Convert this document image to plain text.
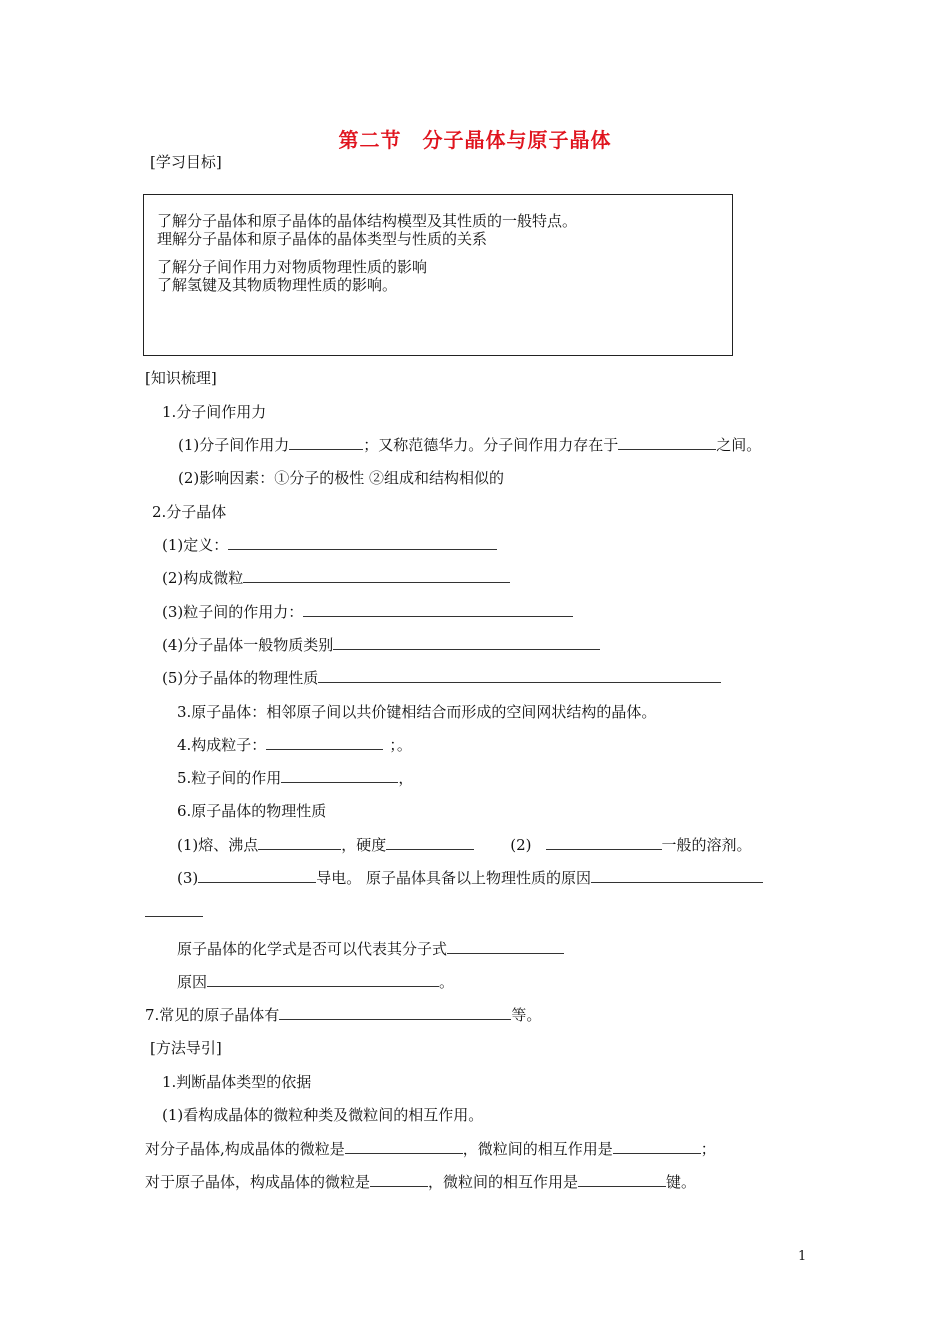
第二节　分子晶体与原子晶体
[学习目标]
了解分子晶体和原子晶体的晶体结构模型及其性质的一般特点。
理解分子晶体和原子晶体的晶体类型与性质的关系
了解分子间作用力对物质物理性质的影响
了解氢键及其物质物理性质的影响。
[知识梳理]
1.分子间作用力
(1)分子间作用力	；又称范德华力。分子间作用力存在于	之间。
(2)影响因素：①分子的极性 ②组成和结构相似的
2.分子晶体
(1)定义：
(2)构成微粒
(3)粒子间的作用力：
(4)分子晶体一般物质类别
(5)分子晶体的物理性质
3.原子晶体：相邻原子间以共价键相结合而形成的空间网状结构的晶体。
4.构成粒子：	；。
5.粒子间的作用	，
6.原子晶体的物理性质
(1)熔、沸点	，硬度	(2)	一般的溶剂。
(3)	导电。 原子晶体具备以上物理性质的原因
原子晶体的化学式是否可以代表其分子式
原因	。
7.常见的原子晶体有	等。
[方法导引]
1.判断晶体类型的依据
(1)看构成晶体的微粒种类及微粒间的相互作用。
对分子晶体,构成晶体的微粒是	，微粒间的相互作用是	；
对于原子晶体，构成晶体的微粒是	，微粒间的相互作用是	键。
1
